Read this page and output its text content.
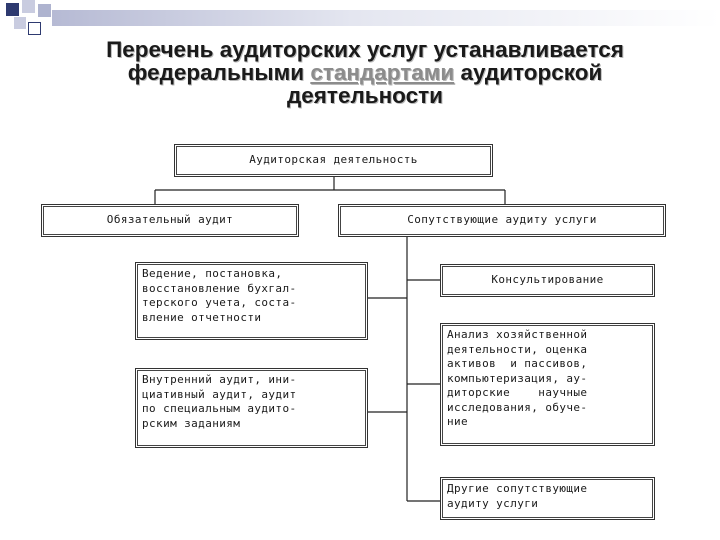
Перечень аудиторских услуг устанавливается
федеральными стандартами аудиторской
деятельности
Аудиторская деятельность
Обязательный аудит	Сопутствующие аудиту услуги
Ведение, постановка,
восстановление бухгал-
терского учета, соста-
вление отчетности
Внутренний аудит, ини-
циативный аудит, аудит
по специальным аудито-
рским заданиям
Консультирование
Анализ хозяйственной
деятельности, оценка
активов  и пассивов,
компьютеризация, ау-
диторские    научные
исследования, обуче-
ние
Другие сопутствующие
аудиту услуги
